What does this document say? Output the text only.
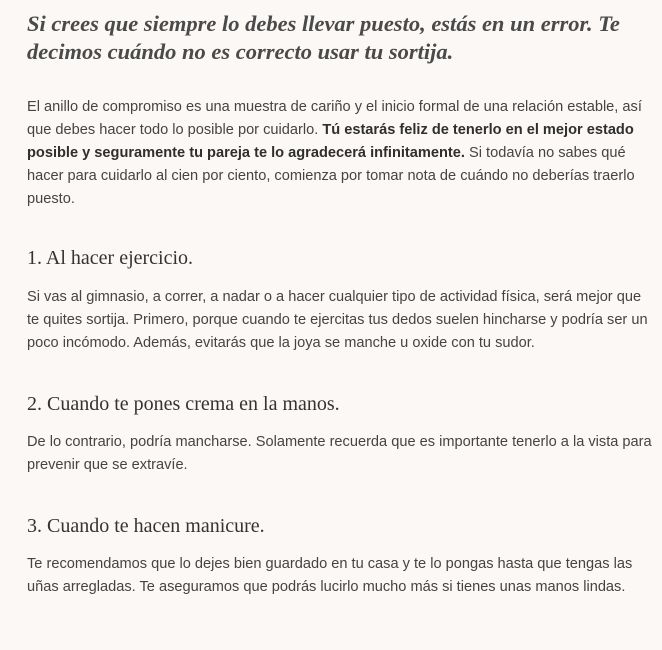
Si crees que siempre lo debes llevar puesto, estás en un error. Te decimos cuándo no es correcto usar tu sortija.

El anillo de compromiso es una muestra de cariño y el inicio formal de una relación estable, así que debes hacer todo lo posible por cuidarlo. Tú estarás feliz de tenerlo en el mejor estado posible y seguramente tu pareja te lo agradecerá infinitamente. Si todavía no sabes qué hacer para cuidarlo al cien por ciento, comienza por tomar nota de cuándo no deberías traerlo puesto.

1. Al hacer ejercicio.

Si vas al gimnasio, a correr, a nadar o a hacer cualquier tipo de actividad física, será mejor que te quites sortija. Primero, porque cuando te ejercitas tus dedos suelen hincharse y podría ser un poco incómodo. Además, evitarás que la joya se manche u oxide con tu sudor.

2. Cuando te pones crema en la manos.

De lo contrario, podría mancharse. Solamente recuerda que es importante tenerlo a la vista para prevenir que se extravíe.

3. Cuando te hacen manicure.

Te recomendamos que lo dejes bien guardado en tu casa y te lo pongas hasta que tengas las uñas arregladas. Te aseguramos que podrás lucirlo mucho más si tienes unas manos lindas.
